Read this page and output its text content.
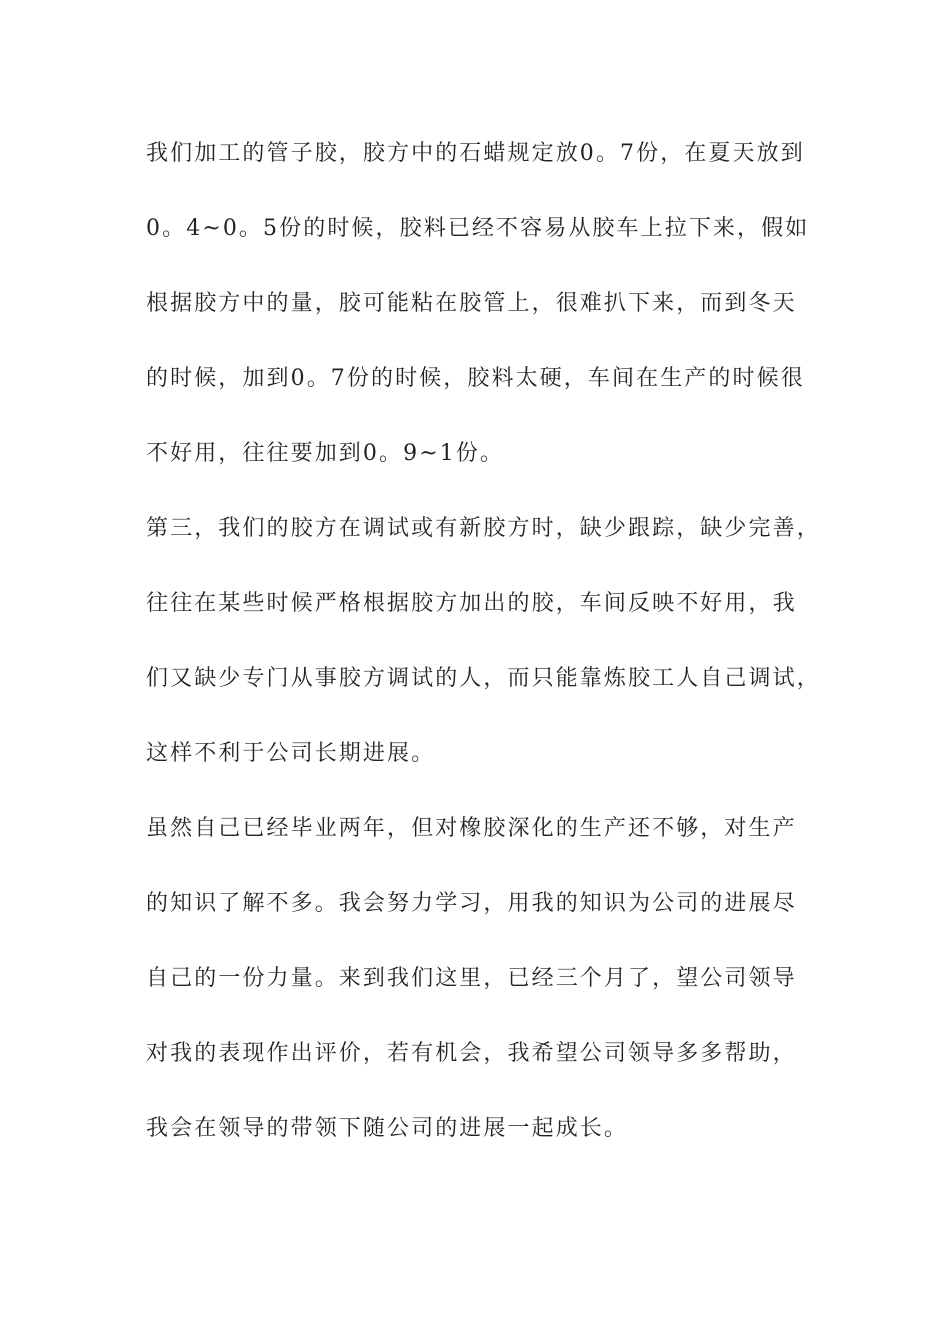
我们加工的管子胶，胶方中的石蜡规定放0。7份，在夏天放到
0。4~0。5份的时候，胶料已经不容易从胶车上拉下来，假如
根据胶方中的量，胶可能粘在胶管上，很难扒下来，而到冬天
的时候，加到0。7份的时候，胶料太硬，车间在生产的时候很
不好用，往往要加到0。9~1份。
第三，我们的胶方在调试或有新胶方时，缺少跟踪，缺少完善，
往往在某些时候严格根据胶方加出的胶，车间反映不好用，我
们又缺少专门从事胶方调试的人，而只能靠炼胶工人自己调试，
这样不利于公司长期进展。
虽然自己已经毕业两年，但对橡胶深化的生产还不够，对生产
的知识了解不多。我会努力学习，用我的知识为公司的进展尽
自己的一份力量。来到我们这里，已经三个月了，望公司领导
对我的表现作出评价，若有机会，我希望公司领导多多帮助，
我会在领导的带领下随公司的进展一起成长。
